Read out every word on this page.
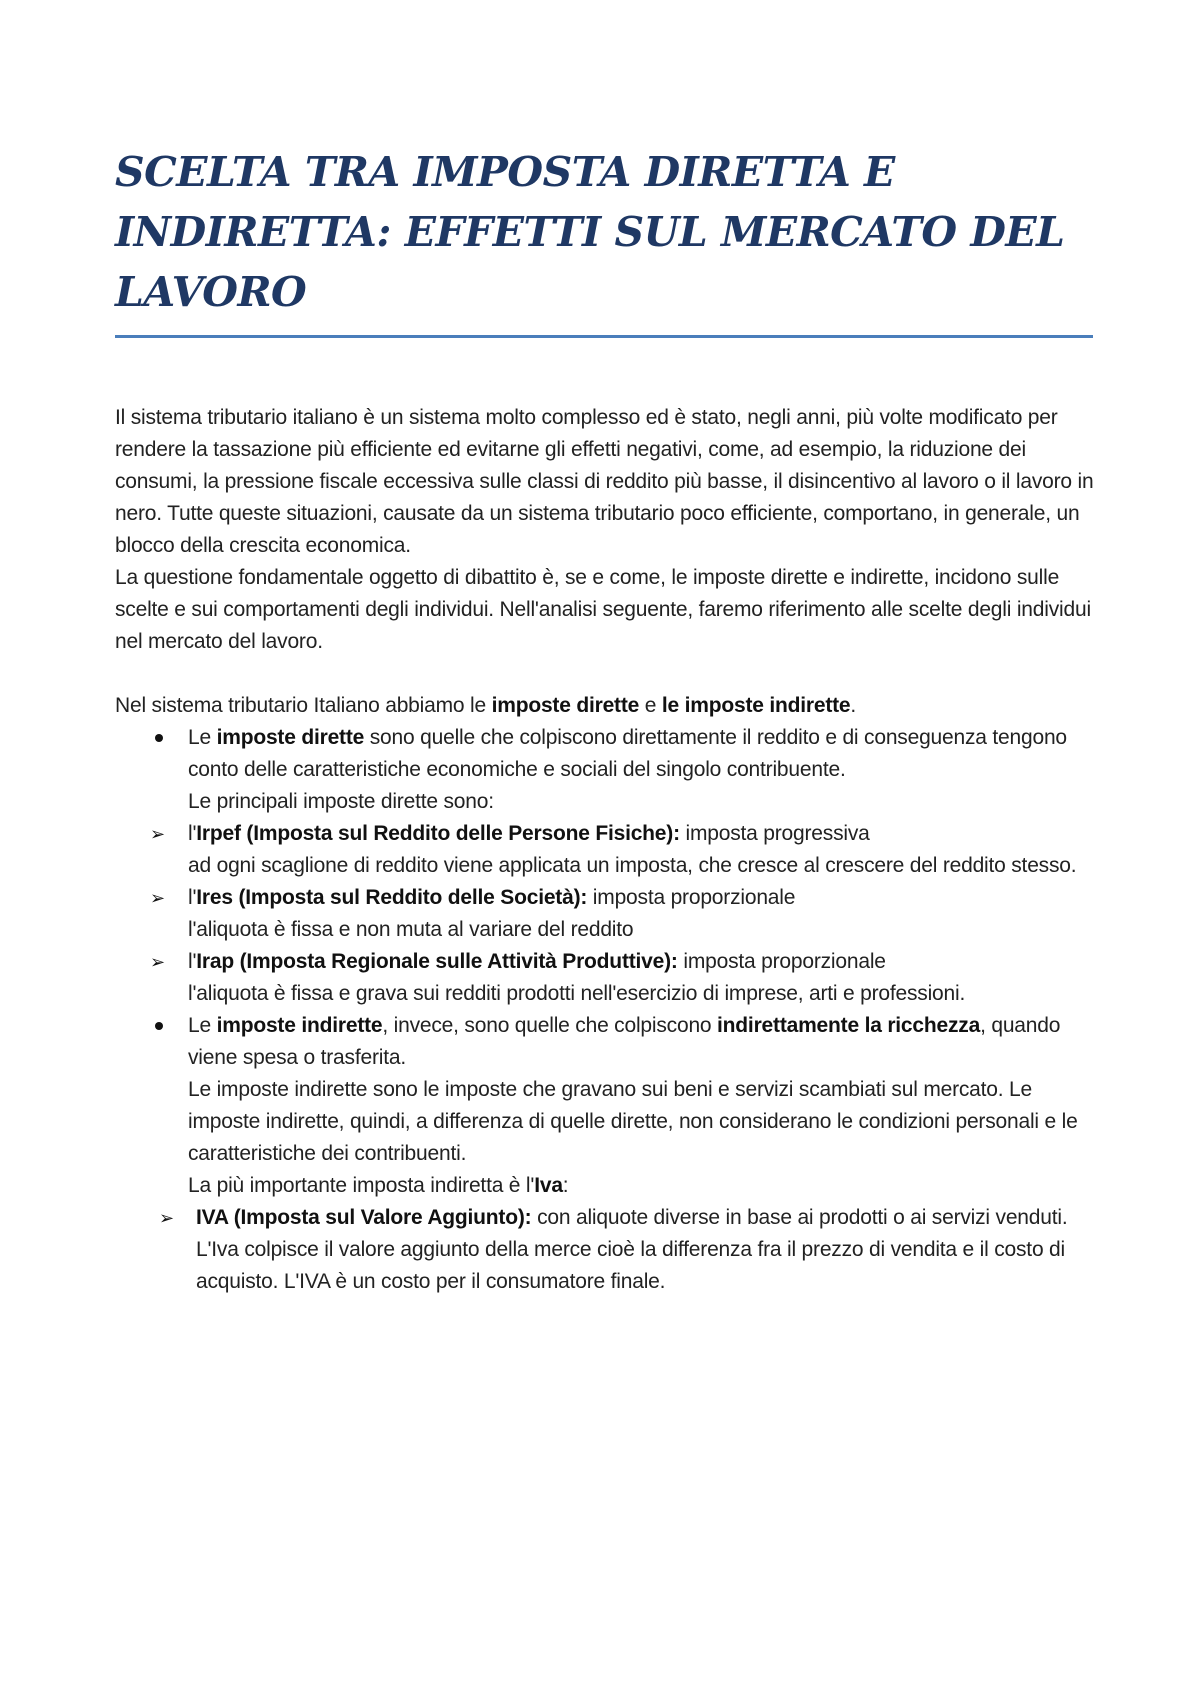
SCELTA TRA IMPOSTA DIRETTA E INDIRETTA: EFFETTI SUL MERCATO DEL LAVORO

Il sistema tributario italiano è un sistema molto complesso ed è stato, negli anni, più volte modificato per rendere la tassazione più efficiente ed evitarne gli effetti negativi, come, ad esempio, la riduzione dei consumi, la pressione fiscale eccessiva sulle classi di reddito più basse, il disincentivo al lavoro o il lavoro in nero. Tutte queste situazioni, causate da un sistema tributario poco efficiente, comportano, in generale, un blocco della crescita economica.

La questione fondamentale oggetto di dibattito è, se e come, le imposte dirette e indirette, incidono sulle scelte e sui comportamenti degli individui. Nell'analisi seguente, faremo riferimento alle scelte degli individui nel mercato del lavoro.

Nel sistema tributario Italiano abbiamo le imposte dirette e le imposte indirette.

Le imposte dirette sono quelle che colpiscono direttamente il reddito e di conseguenza tengono conto delle caratteristiche economiche e sociali del singolo contribuente.

Le principali imposte dirette sono:

➢ l'Irpef (Imposta sul Reddito delle Persone Fisiche): imposta progressiva

ad ogni scaglione di reddito viene applicata un imposta, che cresce al crescere del reddito stesso.

➢ l'Ires (Imposta sul Reddito delle Società): imposta proporzionale

l'aliquota è fissa e non muta al variare del reddito

➢ l'Irap (Imposta Regionale sulle Attività Produttive): imposta proporzionale

l'aliquota è fissa e grava sui redditi prodotti nell'esercizio di imprese, arti e professioni.

Le imposte indirette, invece, sono quelle che colpiscono indirettamente la ricchezza, quando viene spesa o trasferita.

Le imposte indirette sono le imposte che gravano sui beni e servizi scambiati sul mercato. Le imposte indirette, quindi, a differenza di quelle dirette, non considerano le condizioni personali e le caratteristiche dei contribuenti.

La più importante imposta indiretta è l'Iva:

➢ IVA (Imposta sul Valore Aggiunto): con aliquote diverse in base ai prodotti o ai servizi venduti. L'Iva colpisce il valore aggiunto della merce cioè la differenza fra il prezzo di vendita e il costo di acquisto. L'IVA è un costo per il consumatore finale.
